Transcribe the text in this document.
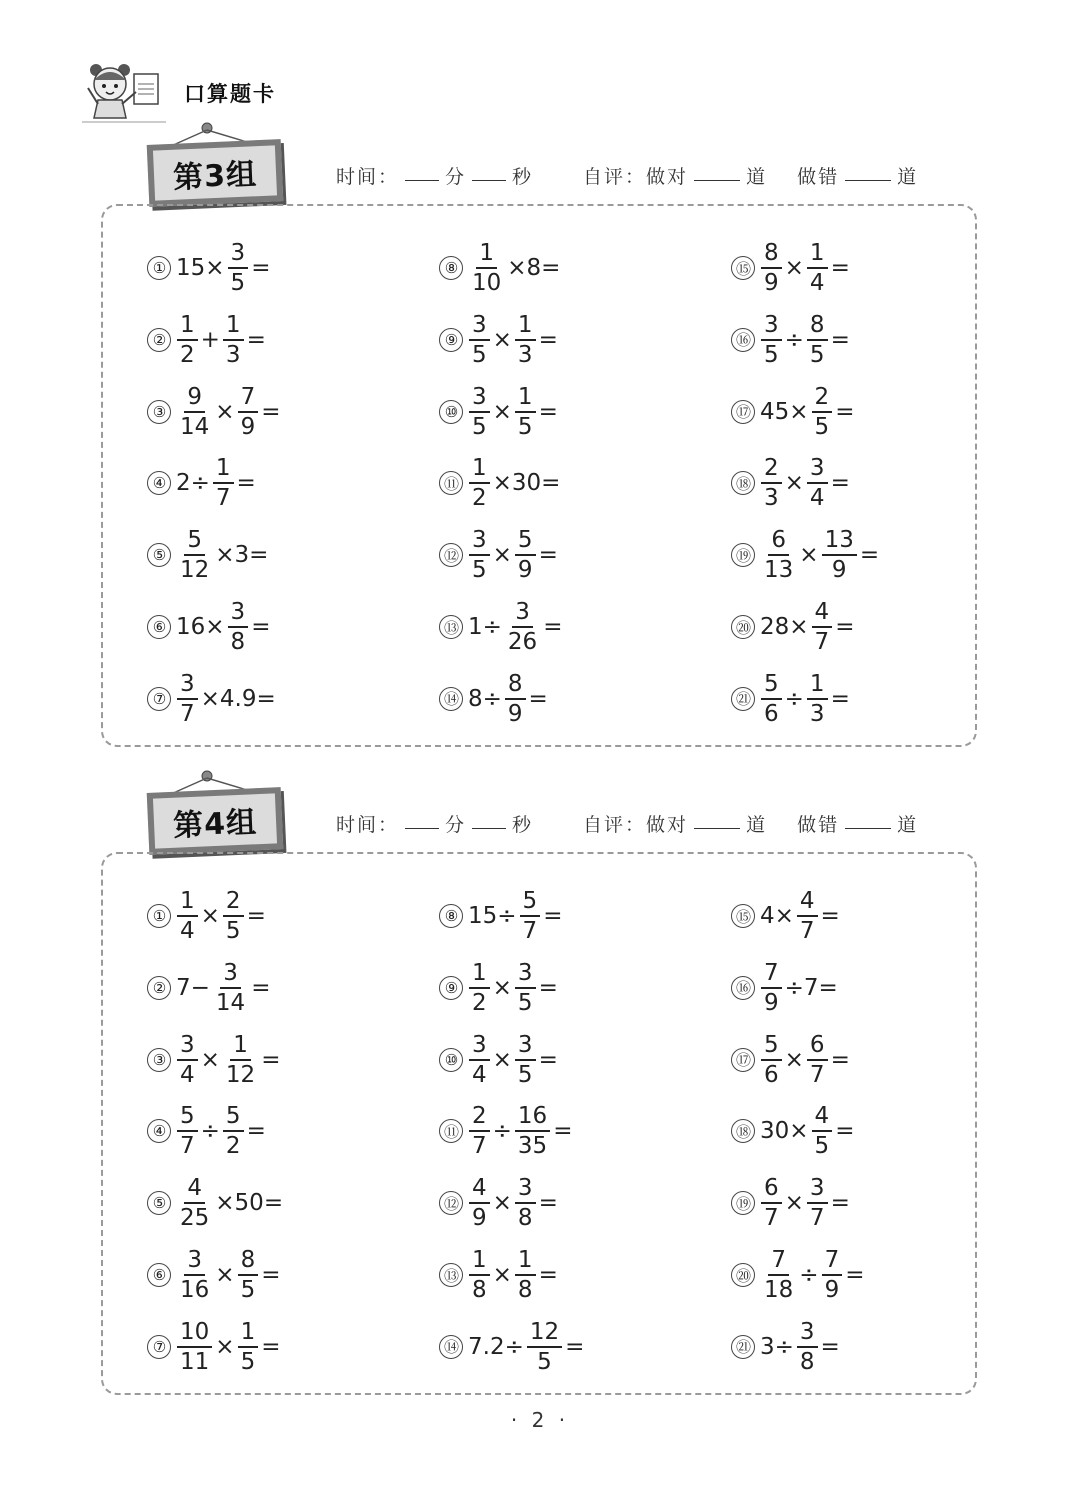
口算题卡
第3组	时间： 分 秒	自评：做对	道 做错	道
① $15\times \frac{3}{5}$ =
② $\frac{1}{2} + \frac{1}{3}$ =
③ $\frac{9}{14} \times \frac{7}{9}$ =
④ $2\div \frac{1}{7}$ =
⑤ $\frac{5}{12} \times 3=$
⑥ $16\times \frac{3}{8}$ =
⑦ $\frac{3}{7} \times 4.9=$
⑧ $\frac{1}{10} \times 8=$
⑨ $\frac{3}{5} \times \frac{1}{3}$ =
⑩ $\frac{3}{5} \times \frac{1}{5}$ =
⑪ $\frac{1}{2} \times 30=$
⑫ $\frac{3}{5} \times \frac{5}{9}$ =
⑬ $1\div \frac{3}{26}$ =
⑭ $8\div \frac{8}{9}$ =
⑮ $\frac{8}{9} \times \frac{1}{4}$ =
⑯ $\frac{3}{5} \div \frac{8}{5}$ =
⑰ $45\times \frac{2}{5}$ =
⑱ $\frac{2}{3} \times \frac{3}{4}$ =
⑲ $\frac{6}{13} \times \frac{13}{9}$ =
⑳ $28\times \frac{4}{7}$ =
㉑ $\frac{5}{6} \div \frac{1}{3}$ =
第4组	时间： 分 秒	自评：做对	道 做错	道
① $\frac{1}{4} \times \frac{2}{5}$ =
② $7- \frac{3}{14}$ =
③ $\frac{3}{4} \times \frac{1}{12}$ =
④ $\frac{5}{7} \div \frac{5}{2}$ =
⑤ $\frac{4}{25} \times 50=$
⑥ $\frac{3}{16} \times \frac{8}{5}$ =
⑦ $\frac{10}{11} \times \frac{1}{5}$ =
⑧ $15\div \frac{5}{7}$ =
⑨ $\frac{1}{2} \times \frac{3}{5}$ =
⑩ $\frac{3}{4} \times \frac{3}{5}$ =
⑪ $\frac{2}{7} \div \frac{16}{35}$ =
⑫ $\frac{4}{9} \times \frac{3}{8}$ =
⑬ $\frac{1}{8} \times \frac{1}{8}$ =
⑭ $7.2\div \frac{12}{5}$ =
⑮ $4\times \frac{4}{7}$ =
⑯ $\frac{7}{9} \div 7=$
⑰ $\frac{5}{6} \times \frac{6}{7}$ =
⑱ $30\times \frac{4}{5}$ =
⑲ $\frac{6}{7} \times \frac{3}{7}$ =
⑳ $\frac{7}{18} \div \frac{7}{9}$ =
㉑ $3\div \frac{3}{8}$ =
· 2 ·
